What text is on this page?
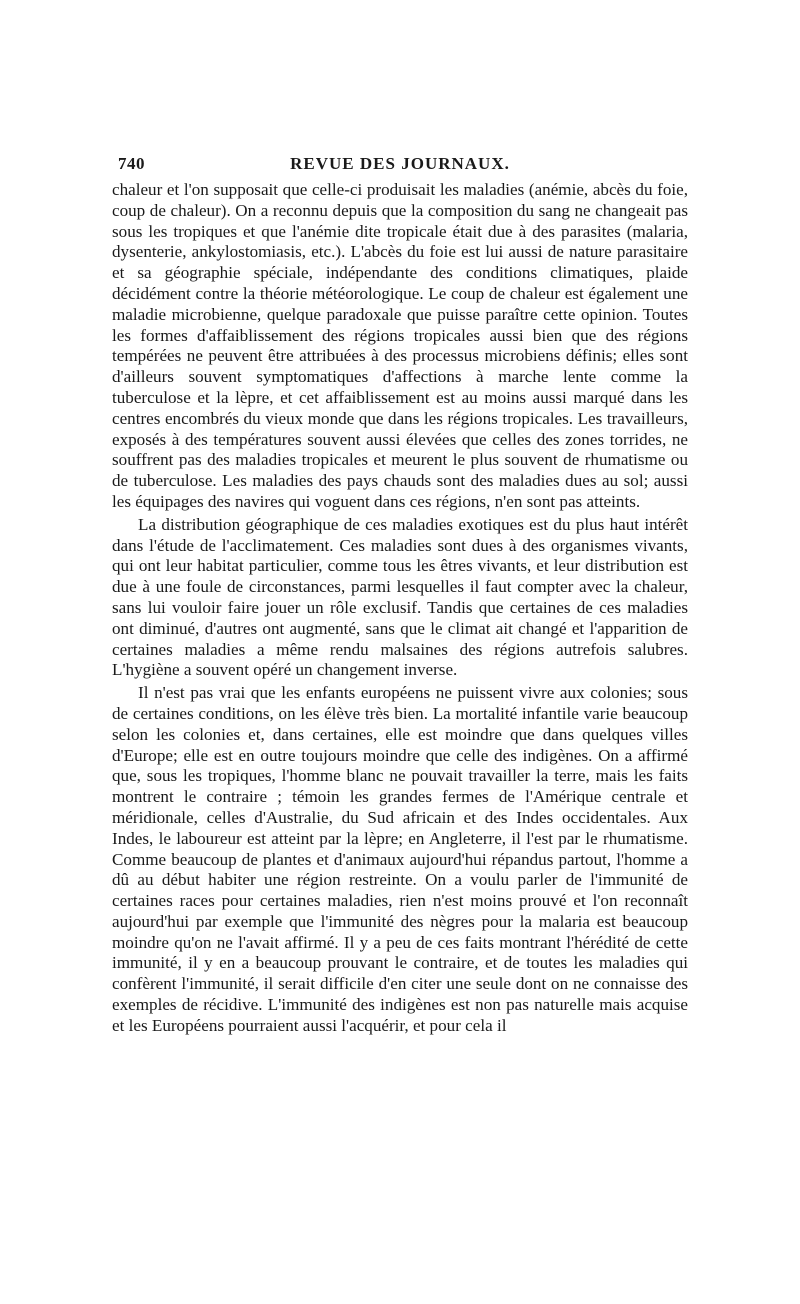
740	REVUE DES JOURNAUX.

chaleur et l'on supposait que celle-ci produisait les maladies (anémie, abcès du foie, coup de chaleur). On a reconnu depuis que la composition du sang ne changeait pas sous les tropiques et que l'anémie dite tropicale était due à des parasites (malaria, dysenterie, ankylostomiasis, etc.). L'abcès du foie est lui aussi de nature parasitaire et sa géographie spéciale, indépendante des conditions climatiques, plaide décidément contre la théorie météorologique. Le coup de chaleur est également une maladie microbienne, quelque paradoxale que puisse paraître cette opinion. Toutes les formes d'affaiblissement des régions tropicales aussi bien que des régions tempérées ne peuvent être attribuées à des processus microbiens définis; elles sont d'ailleurs souvent symptomatiques d'affections à marche lente comme la tuberculose et la lèpre, et cet affaiblissement est au moins aussi marqué dans les centres encombrés du vieux monde que dans les régions tropicales. Les travailleurs, exposés à des températures souvent aussi élevées que celles des zones torrides, ne souffrent pas des maladies tropicales et meurent le plus souvent de rhumatisme ou de tuberculose. Les maladies des pays chauds sont des maladies dues au sol; aussi les équipages des navires qui voguent dans ces régions, n'en sont pas atteints.

La distribution géographique de ces maladies exotiques est du plus haut intérêt dans l'étude de l'acclimatement. Ces maladies sont dues à des organismes vivants, qui ont leur habitat particulier, comme tous les êtres vivants, et leur distribution est due à une foule de circonstances, parmi lesquelles il faut compter avec la chaleur, sans lui vouloir faire jouer un rôle exclusif. Tandis que certaines de ces maladies ont diminué, d'autres ont augmenté, sans que le climat ait changé et l'apparition de certaines maladies a même rendu malsaines des régions autrefois salubres. L'hygiène a souvent opéré un changement inverse.

Il n'est pas vrai que les enfants européens ne puissent vivre aux colonies; sous de certaines conditions, on les élève très bien. La mortalité infantile varie beaucoup selon les colonies et, dans certaines, elle est moindre que dans quelques villes d'Europe; elle est en outre toujours moindre que celle des indigènes. On a affirmé que, sous les tropiques, l'homme blanc ne pouvait travailler la terre, mais les faits montrent le contraire ; témoin les grandes fermes de l'Amérique centrale et méridionale, celles d'Australie, du Sud africain et des Indes occidentales. Aux Indes, le laboureur est atteint par la lèpre; en Angleterre, il l'est par le rhumatisme. Comme beaucoup de plantes et d'animaux aujourd'hui répandus partout, l'homme a dû au début habiter une région restreinte. On a voulu parler de l'immunité de certaines races pour certaines maladies, rien n'est moins prouvé et l'on reconnaît aujourd'hui par exemple que l'immunité des nègres pour la malaria est beaucoup moindre qu'on ne l'avait affirmé. Il y a peu de ces faits montrant l'hérédité de cette immunité, il y en a beaucoup prouvant le contraire, et de toutes les maladies qui confèrent l'immunité, il serait difficile d'en citer une seule dont on ne connaisse des exemples de récidive. L'immunité des indigènes est non pas naturelle mais acquise et les Européens pourraient aussi l'acquérir, et pour cela il
